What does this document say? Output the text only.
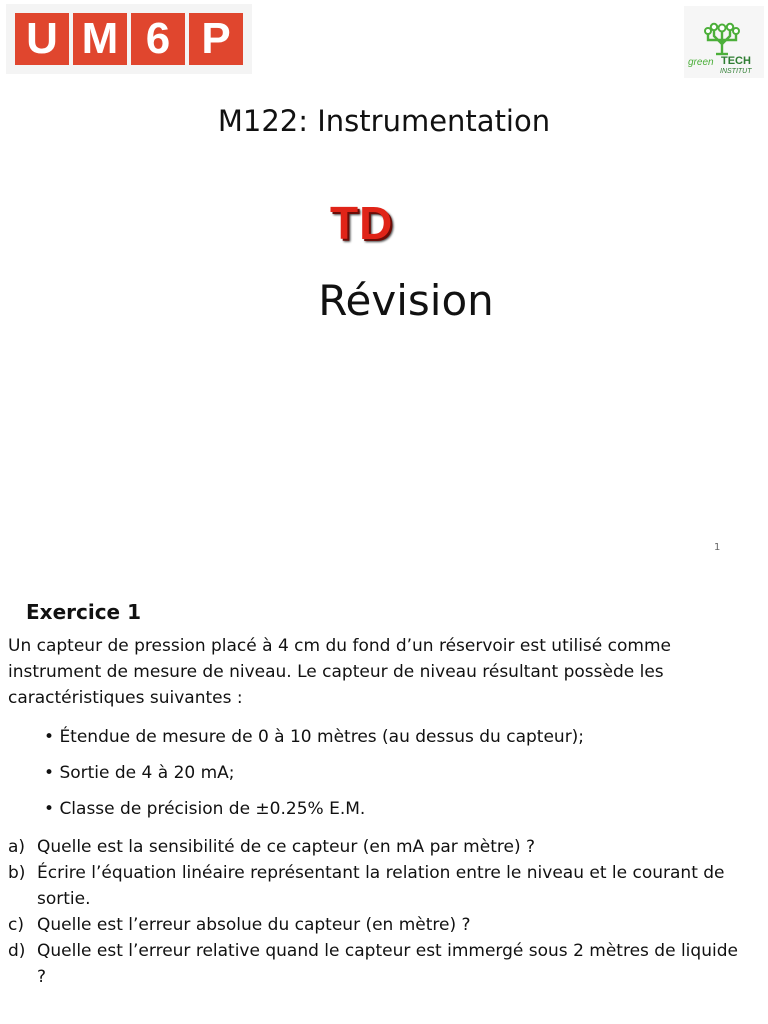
U M 6 P	green TECH
INSTITUT
M122: Instrumentation
TD
Révision
1
Exercice 1

Un capteur de pression placé à 4 cm du fond d’un réservoir est utilisé comme instrument de mesure de niveau. Le capteur de niveau résultant possède les caractéristiques suivantes :

• Étendue de mesure de 0 à 10 mètres (au dessus du capteur);
• Sortie de 4 à 20 mA;
• Classe de précision de ±0.25% E.M.
a) Quelle est la sensibilité de ce capteur (en mA par mètre) ?
b) Écrire l’équation linéaire représentant la relation entre le niveau et le courant de sortie.
c) Quelle est l’erreur absolue du capteur (en mètre) ?
d) Quelle est l’erreur relative quand le capteur est immergé sous 2 mètres de liquide ?
